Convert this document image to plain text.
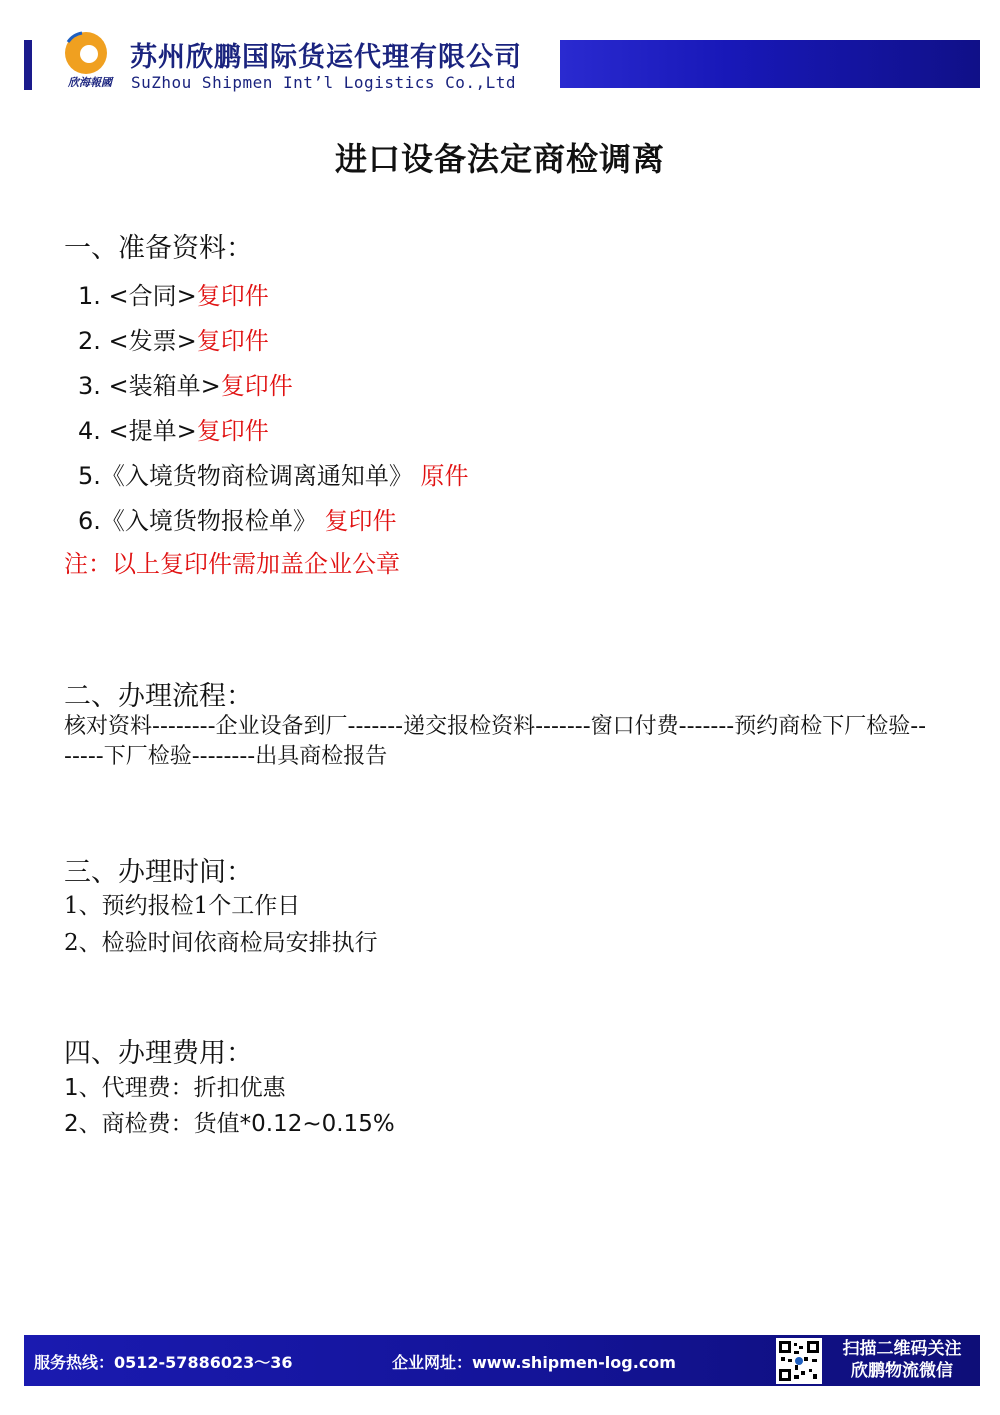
欣海報國
苏州欣鹏国际货运代理有限公司
SuZhou Shipmen Int’l Logistics Co.,Ltd
进口设备法定商检调离
一、准备资料：
1. <合同>复印件
2. <发票>复印件
3. <装箱单>复印件
4. <提单>复印件
5.《入境货物商检调离通知单》 原件
6.《入境货物报检单》 复印件
注：以上复印件需加盖企业公章
二、办理流程：
核对资料--------企业设备到厂-------递交报检资料-------窗口付费-------预约商检下厂检验-------下厂检验--------出具商检报告
三、办理时间：
1、预约报检1个工作日
2、检验时间依商检局安排执行
四、办理费用：
1、代理费：折扣优惠
2、商检费：货值*0.12~0.15%
服务热线：0512-57886023～36	企业网址：www.shipmen-log.com
扫描二维码关注
欣鹏物流微信
